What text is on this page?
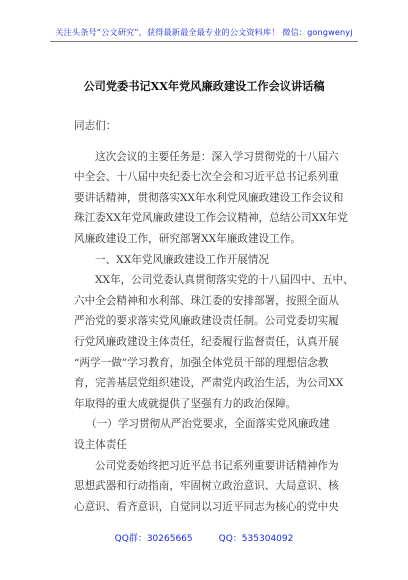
关注头条号“公文研究”，获得最新最全最专业的公文资料库！ 微信：gongwenyj
公司党委书记XX年党风廉政建设工作会议讲话稿
同志们：
这次会议的主要任务是：深入学习贯彻党的十八届六
中全会、十八届中央纪委七次全会和习近平总书记系列重
要讲话精神，贯彻落实XX年水利党风廉政建设工作会议和
珠江委XX年党风廉政建设工作会议精神，总结公司XX年党
风廉政建设工作，研究部署XX年廉政建设工作。
一、XX年党风廉政建设工作开展情况
XX年，公司党委认真贯彻落实党的十八届四中、五中、
六中全会精神和水利部、珠江委的安排部署，按照全面从
严治党的要求落实党风廉政建设责任制。公司党委切实履
行党风廉政建设主体责任，纪委履行监督责任，认真开展
“两学一做”学习教育，加强全体党员干部的理想信念教
育，完善基层党组织建设，严肃党内政治生活，为公司XX
年取得的重大成就提供了坚强有力的政治保障。
（一）学习贯彻从严治党要求，全面落实党风廉政建
设主体责任
公司党委始终把习近平总书记系列重要讲话精神作为
思想武器和行动指南，牢固树立政治意识、大局意识、核
心意识、看齐意识，自觉同以习近平同志为核心的党中央
QQ群：30265665	QQ：535304092
